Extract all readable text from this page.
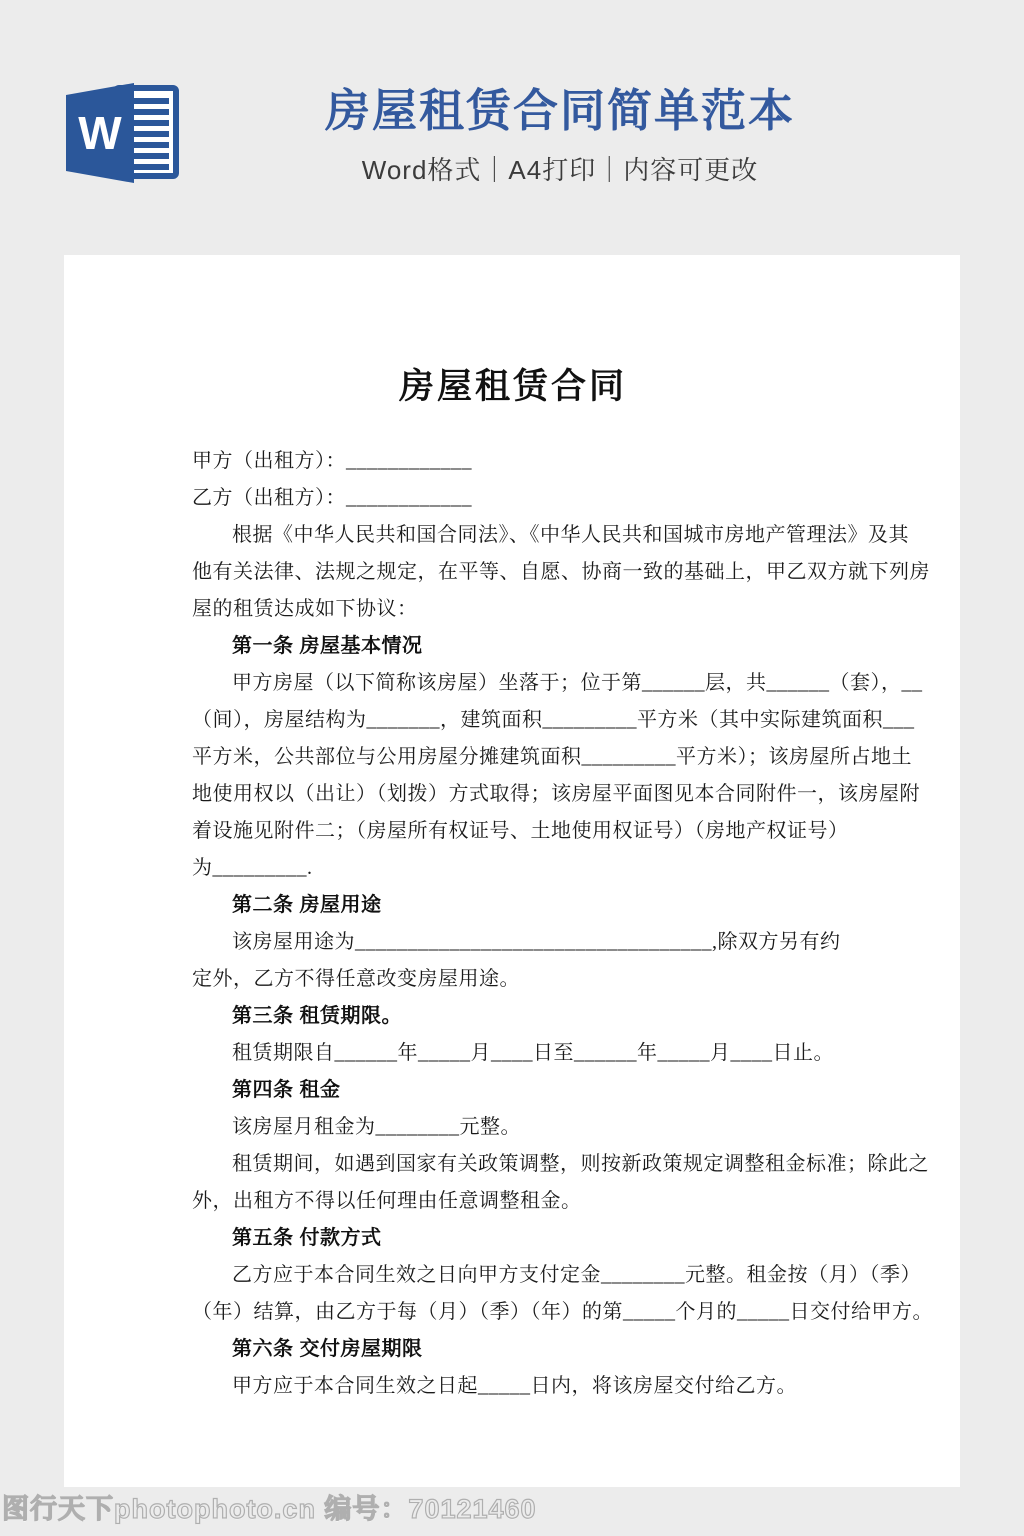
W	房屋租赁合同简单范本
Word格式｜A4打印｜内容可更改
房屋租赁合同
甲方（出租方）：____________
乙方（出租方）：____________
根据《中华人民共和国合同法》、《中华人民共和国城市房地产管理法》及其
他有关法律、法规之规定，在平等、自愿、协商一致的基础上，甲乙双方就下列房
屋的租赁达成如下协议：
第一条 房屋基本情况
甲方房屋（以下简称该房屋）坐落于；位于第______层，共______（套），__
（间），房屋结构为_______，建筑面积_________平方米（其中实际建筑面积___
平方米，公共部位与公用房屋分摊建筑面积_________平方米）；该房屋所占地土
地使用权以（出让）（划拨）方式取得；该房屋平面图见本合同附件一，该房屋附
着设施见附件二；（房屋所有权证号、土地使用权证号）（房地产权证号）
为_________.
第二条 房屋用途
该房屋用途为__________________________________,除双方另有约
定外，乙方不得任意改变房屋用途。
第三条 租赁期限。
租赁期限自______年_____月____日至______年_____月____日止。
第四条 租金
该房屋月租金为________元整。
租赁期间，如遇到国家有关政策调整，则按新政策规定调整租金标准；除此之
外，出租方不得以任何理由任意调整租金。
第五条 付款方式
乙方应于本合同生效之日向甲方支付定金________元整。租金按（月）（季）
（年）结算，由乙方于每（月）（季）（年）的第_____个月的_____日交付给甲方。
第六条 交付房屋期限
甲方应于本合同生效之日起_____日内，将该房屋交付给乙方。
图行天下photophoto.cn 编号：70121460
